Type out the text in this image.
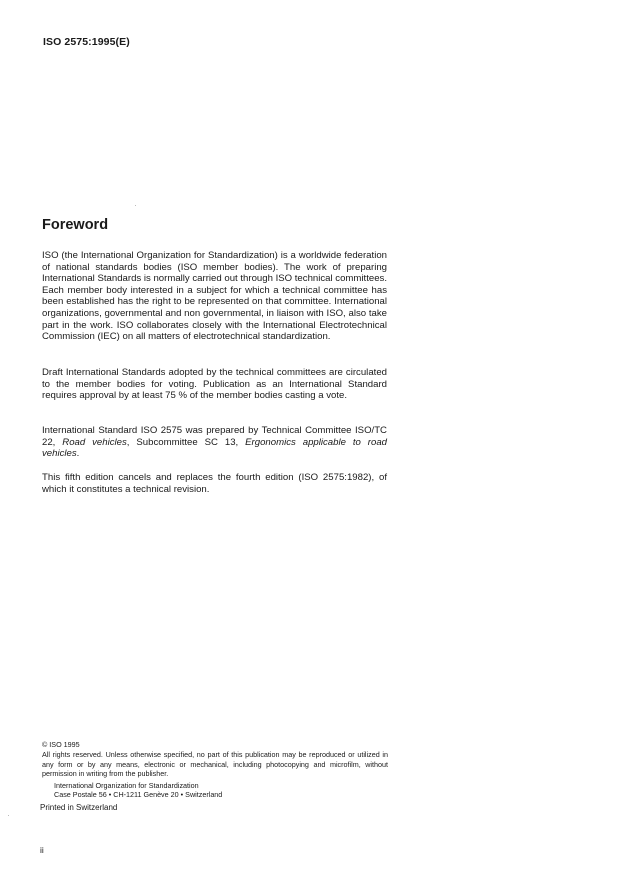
ISO 2575:1995(E)
Foreword

ISO (the International Organization for Standardization) is a worldwide federation of national standards bodies (ISO member bodies). The work of preparing International Standards is normally carried out through ISO technical committees. Each member body interested in a subject for which a technical committee has been established has the right to be represented on that committee. International organizations, governmental and non governmental, in liaison with ISO, also take part in the work. ISO collaborates closely with the International Electrotechnical Commission (IEC) on all matters of electrotechnical standardization.

Draft International Standards adopted by the technical committees are circulated to the member bodies for voting. Publication as an International Standard requires approval by at least 75 % of the member bodies casting a vote.

International Standard ISO 2575 was prepared by Technical Committee ISO/TC 22, Road vehicles, Subcommittee SC 13, Ergonomics applicable to road vehicles.

This fifth edition cancels and replaces the fourth edition (ISO 2575:1982), of which it constitutes a technical revision.

© ISO 1995

All rights reserved. Unless otherwise specified, no part of this publication may be reproduced or utilized in any form or by any means, electronic or mechanical, including photocopying and microfilm, without permission in writing from the publisher.

International Organization for Standardization
Case Postale 56 • CH-1211 Genève 20 • Switzerland
Printed in Switzerland
ii
